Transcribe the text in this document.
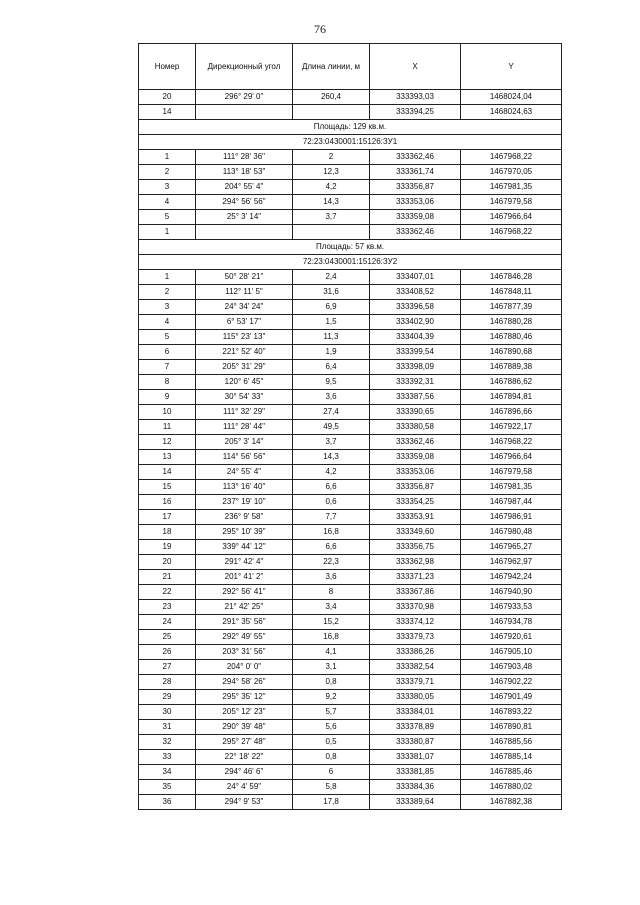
76
Номер	Дирекционный угол	Длина линии, м	X	Y
20	296° 29' 0"	260,4	333393,03	1468024,04
14			333394,25	1468024,63
Площадь: 129 кв.м.				
72:23:0430001:15126:ЗУ1				
1	111° 28' 36"	2	333362,46	1467968,22
2	113° 18' 53"	12,3	333361,74	1467970,05
3	204° 55' 4"	4,2	333356,87	1467981,35
4	294° 56' 56"	14,3	333353,06	1467979,58
5	25° 3' 14"	3,7	333359,08	1467966,64
1			333362,46	1467968,22
Площадь: 57 кв.м.				
72:23:0430001:15126:ЗУ2				
1	50° 28' 21"	2,4	333407,01	1467846,28
2	112° 11' 5"	31,6	333408,52	1467848,11
3	24° 34' 24"	6,9	333396,58	1467877,39
4	6° 53' 17"	1,5	333402,90	1467880,28
5	115° 23' 13"	11,3	333404,39	1467880,46
6	221° 52' 40"	1,9	333399,54	1467890,68
7	205° 31' 29"	6,4	333398,09	1467889,38
8	120° 6' 45"	9,5	333392,31	1467886,62
9	30° 54' 33"	3,6	333387,56	1467894,81
10	111° 32' 29"	27,4	333390,65	1467896,66
11	111° 28' 44"	49,5	333380,58	1467922,17
12	205° 3' 14"	3,7	333362,46	1467968,22
13	114° 56' 56"	14,3	333359,08	1467966,64
14	24° 55' 4"	4,2	333353,06	1467979,58
15	113° 16' 40"	6,6	333356,87	1467981,35
16	237° 19' 10"	0,6	333354,25	1467987,44
17	236° 9' 58"	7,7	333353,91	1467986,91
18	295° 10' 39"	16,8	333349,60	1467980,48
19	339° 44' 12"	6,6	333356,75	1467965,27
20	291° 42' 4"	22,3	333362,98	1467962,97
21	201° 41' 2"	3,6	333371,23	1467942,24
22	292° 56' 41"	8	333367,86	1467940,90
23	21° 42' 25"	3,4	333370,98	1467933,53
24	291° 35' 56"	15,2	333374,12	1467934,78
25	292° 49' 55"	16,8	333379,73	1467920,61
26	203° 31' 56"	4,1	333386,26	1467905,10
27	204° 0' 0"	3,1	333382,54	1467903,48
28	294° 58' 26"	0,8	333379,71	1467902,22
29	295° 35' 12"	9,2	333380,05	1467901,49
30	205° 12' 23"	5,7	333384,01	1467893,22
31	290° 39' 48"	5,6	333378,89	1467890,81
32	295° 27' 48"	0,5	333380,87	1467885,56
33	22° 18' 22"	0,8	333381,07	1467885,14
34	294° 46' 6"	6	333381,85	1467885,46
35	24° 4' 59"	5,8	333384,36	1467880,02
36	294° 9' 53"	17,8	333389,64	1467882,38
